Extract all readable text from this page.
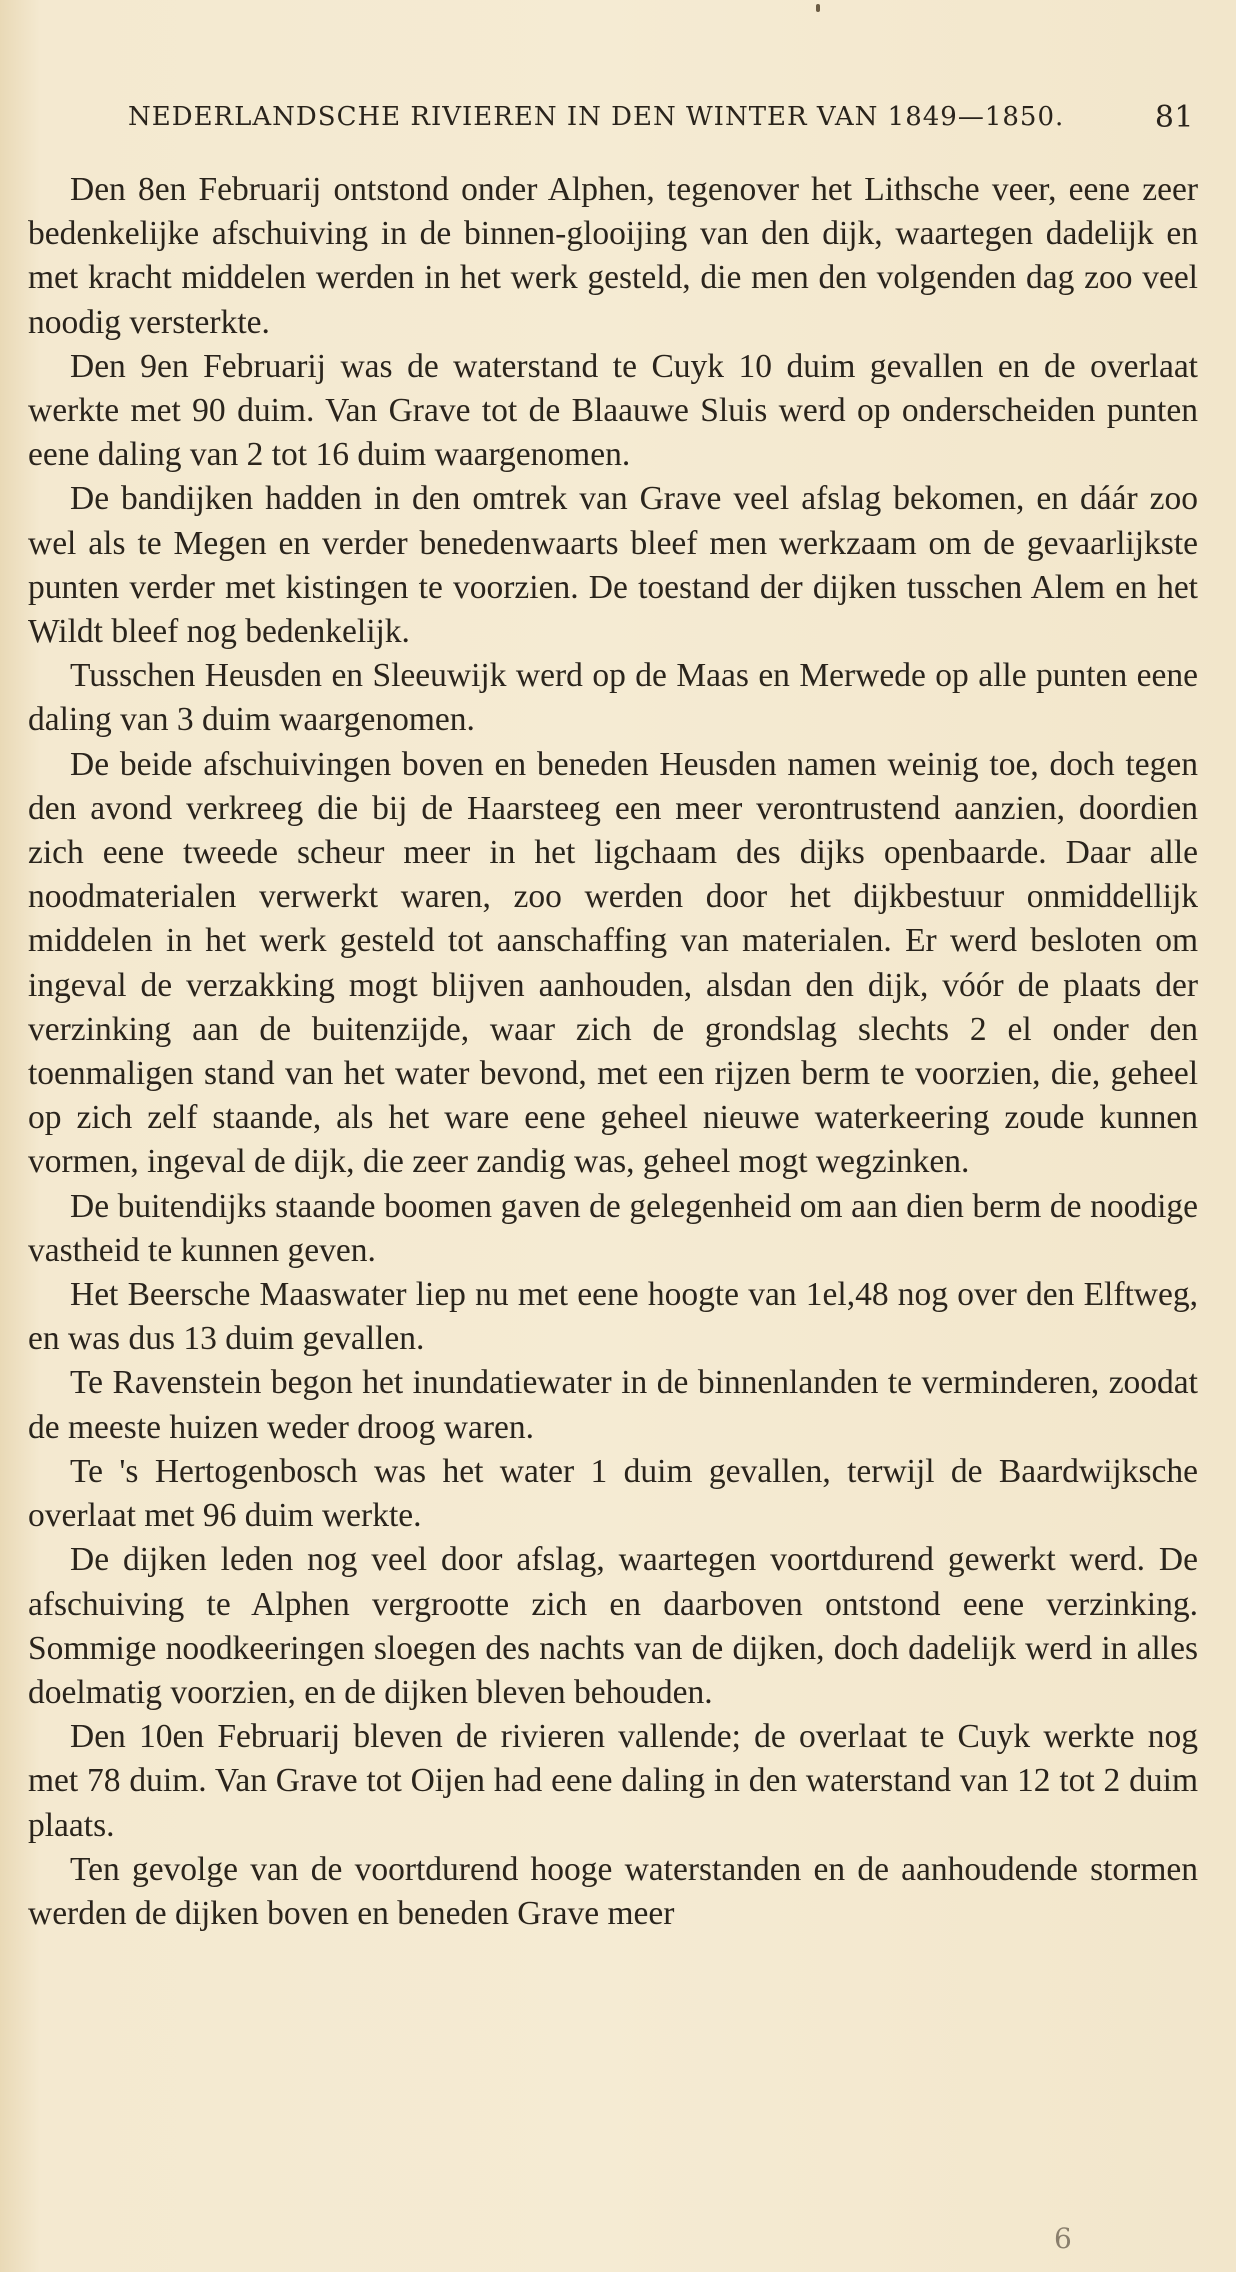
NEDERLANDSCHE RIVIEREN IN DEN WINTER VAN 1849—1850.	81

Den 8en Februarij ontstond onder Alphen, tegenover het Lithsche veer, eene zeer bedenkelijke afschuiving in de binnen-glooijing van den dijk, waartegen dadelijk en met kracht middelen werden in het werk gesteld, die men den volgenden dag zoo veel noodig versterkte.

Den 9en Februarij was de waterstand te Cuyk 10 duim gevallen en de overlaat werkte met 90 duim. Van Grave tot de Blaauwe Sluis werd op onderscheiden punten eene daling van 2 tot 16 duim waargenomen.

De bandijken hadden in den omtrek van Grave veel afslag bekomen, en dáár zoo wel als te Megen en verder benedenwaarts bleef men werkzaam om de gevaarlijkste punten verder met kistingen te voorzien. De toestand der dijken tusschen Alem en het Wildt bleef nog bedenkelijk.

Tusschen Heusden en Sleeuwijk werd op de Maas en Merwede op alle punten eene daling van 3 duim waargenomen.

De beide afschuivingen boven en beneden Heusden namen weinig toe, doch tegen den avond verkreeg die bij de Haarsteeg een meer verontrustend aanzien, doordien zich eene tweede scheur meer in het ligchaam des dijks openbaarde. Daar alle noodmaterialen verwerkt waren, zoo werden door het dijkbestuur onmiddellijk middelen in het werk gesteld tot aanschaffing van materialen. Er werd besloten om ingeval de verzakking mogt blijven aanhouden, alsdan den dijk, vóór de plaats der verzinking aan de buitenzijde, waar zich de grondslag slechts 2 el onder den toenmaligen stand van het water bevond, met een rijzen berm te voorzien, die, geheel op zich zelf staande, als het ware eene geheel nieuwe waterkeering zoude kunnen vormen, ingeval de dijk, die zeer zandig was, geheel mogt wegzinken.

De buitendijks staande boomen gaven de gelegenheid om aan dien berm de noodige vastheid te kunnen geven.

Het Beersche Maaswater liep nu met eene hoogte van 1el,48 nog over den Elftweg, en was dus 13 duim gevallen.

Te Ravenstein begon het inundatiewater in de binnenlanden te verminderen, zoodat de meeste huizen weder droog waren.

Te 's Hertogenbosch was het water 1 duim gevallen, terwijl de Baardwijksche overlaat met 96 duim werkte.

De dijken leden nog veel door afslag, waartegen voortdurend gewerkt werd. De afschuiving te Alphen vergrootte zich en daarboven ontstond eene verzinking. Sommige noodkeeringen sloegen des nachts van de dijken, doch dadelijk werd in alles doelmatig voorzien, en de dijken bleven behouden.

Den 10en Februarij bleven de rivieren vallende; de overlaat te Cuyk werkte nog met 78 duim. Van Grave tot Oijen had eene daling in den waterstand van 12 tot 2 duim plaats.

Ten gevolge van de voortdurend hooge waterstanden en de aanhoudende stormen werden de dijken boven en beneden Grave meer

6
